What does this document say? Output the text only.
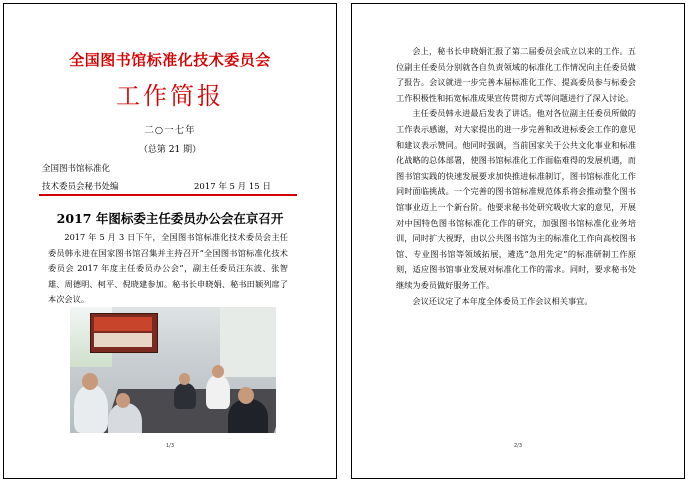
全国图书馆标准化技术委员会
工作简报
二○一七年
（总第 21 期）
全国图书馆标准化
技术委员会秘书处编	2017 年 5 月 15 日
2017 年图标委主任委员办公会在京召开

2017 年 5 月 3 日下午，全国图书馆标准化技术委员会主任委员韩永进在国家图书馆召集并主持召开“全国图书馆标准化技术委员会 2017 年度主任委员办公会”，副主任委员汪东波、张智雄、周德明、柯平、倪晓建参加。秘书长申晓娟、秘书田颖列席了本次会议。

1/3

会上，秘书长申晓娟汇报了第二届委员会成立以来的工作。五位副主任委员分别就各自负责领域的标准化工作情况向主任委员做了报告。会议就进一步完善本届标准化工作、提高委员参与标委会工作积极性和拓宽标准成果宣传贯彻方式等问题进行了深入讨论。

主任委员韩永进最后发表了讲话。他对各位副主任委员所做的工作表示感谢，对大家提出的进一步完善和改进标委会工作的意见和建议表示赞同。他同时强调，当前国家关于公共文化事业和标准化战略的总体部署，使图书馆标准化工作面临难得的发展机遇，而图书馆实践的快速发展要求加快推进标准制订，图书馆标准化工作同时面临挑战。一个完善的图书馆标准规范体系将会推动整个图书馆事业迈上一个新台阶。他要求秘书处研究吸收大家的意见，开展对中国特色图书馆标准化工作的研究，加强图书馆标准化业务培训，同时扩大视野，由以公共图书馆为主的标准化工作向高校图书馆、专业图书馆等领域拓展，遴选“急用先定”的标准研制工作原则，适应图书馆事业发展对标准化工作的需求。同时，要求秘书处继续为委员做好服务工作。

会议还议定了本年度全体委员工作会议相关事宜。

2/3
